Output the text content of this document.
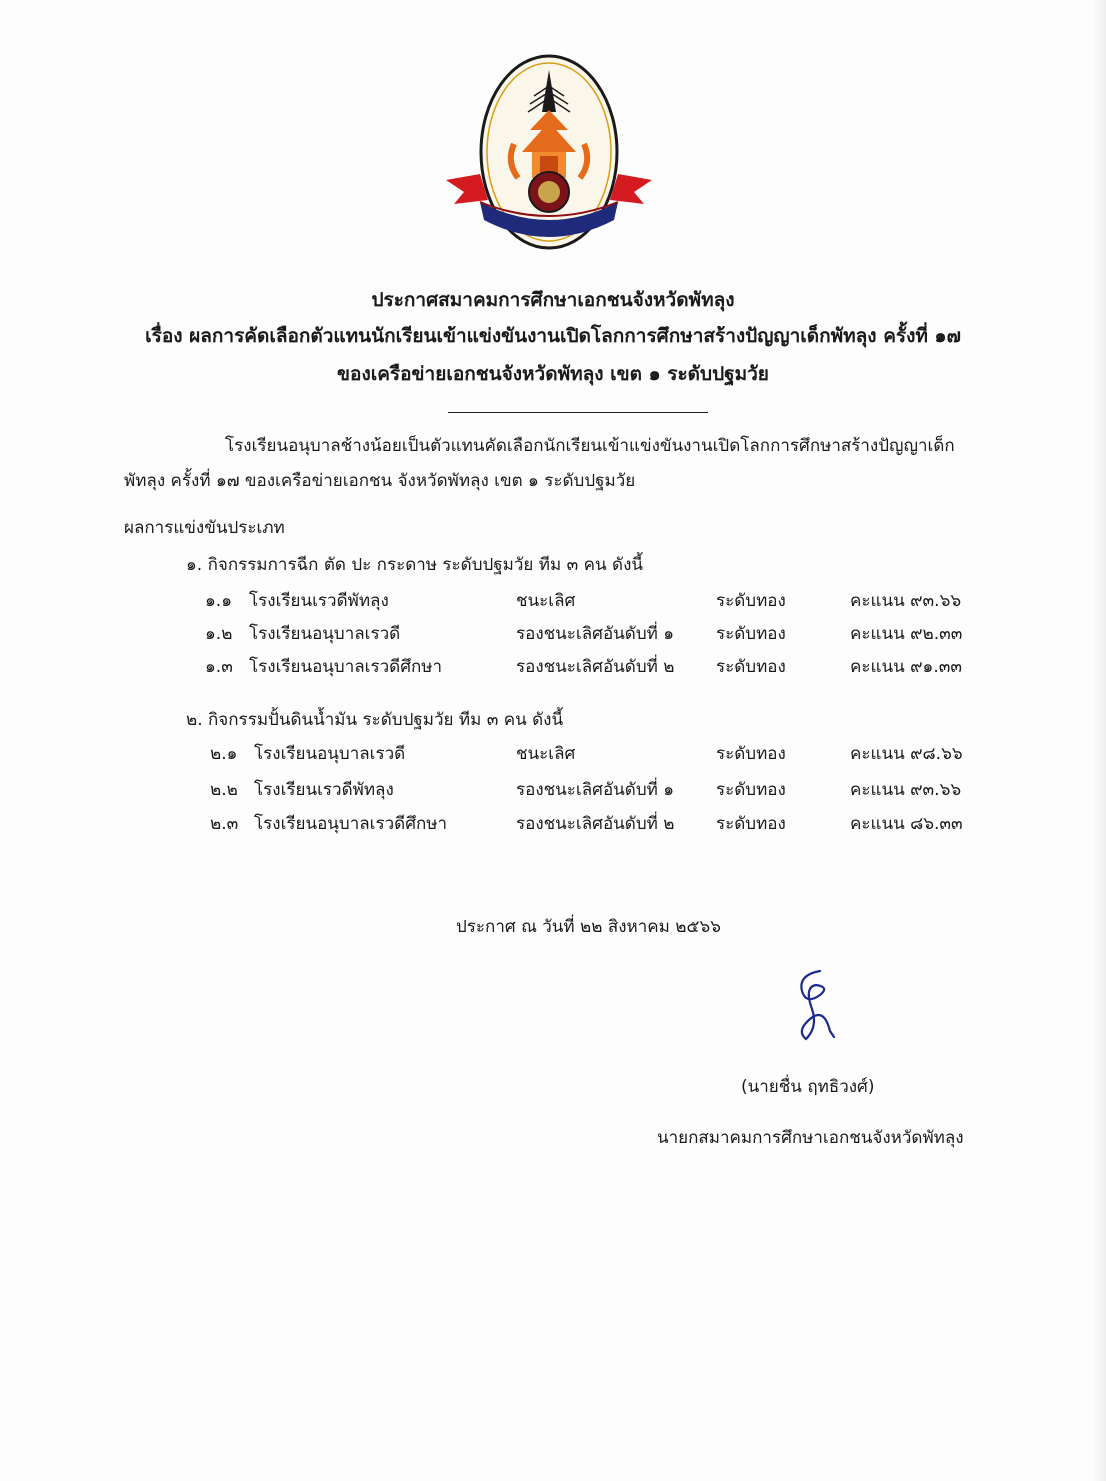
ประกาศสมาคมการศึกษาเอกชนจังหวัดพัทลุง
เรื่อง ผลการคัดเลือกตัวแทนนักเรียนเข้าแข่งขันงานเปิดโลกการศึกษาสร้างปัญญาเด็กพัทลุง ครั้งที่ ๑๗
ของเครือข่ายเอกชนจังหวัดพัทลุง เขต ๑ ระดับปฐมวัย
โรงเรียนอนุบาลช้างน้อยเป็นตัวแทนคัดเลือกนักเรียนเข้าแข่งขันงานเปิดโลกการศึกษาสร้างปัญญาเด็ก
พัทลุง ครั้งที่ ๑๗ ของเครือข่ายเอกชน จังหวัดพัทลุง เขต ๑ ระดับปฐมวัย
ผลการแข่งขันประเภท
๑. กิจกรรมการฉีก ตัด ปะ กระดาษ ระดับปฐมวัย ทีม ๓ คน ดังนี้
๑.๑ โรงเรียนเรวดีพัทลุง	ชนะเลิศ	ระดับทอง	คะแนน ๙๓.๖๖
๑.๒ โรงเรียนอนุบาลเรวดี	รองชนะเลิศอันดับที่ ๑ ระดับทอง	คะแนน ๙๒.๓๓
๑.๓ โรงเรียนอนุบาลเรวดีศึกษา	รองชนะเลิศอันดับที่ ๒ ระดับทอง	คะแนน ๙๑.๓๓
๒. กิจกรรมปั้นดินน้ำมัน ระดับปฐมวัย ทีม ๓ คน ดังนี้
๒.๑ โรงเรียนอนุบาลเรวดี	ชนะเลิศ	ระดับทอง	คะแนน ๙๘.๖๖
๒.๒ โรงเรียนเรวดีพัทลุง	รองชนะเลิศอันดับที่ ๑ ระดับทอง	คะแนน ๙๓.๖๖
๒.๓ โรงเรียนอนุบาลเรวดีศึกษา	รองชนะเลิศอันดับที่ ๒ ระดับทอง	คะแนน ๘๖.๓๓
ประกาศ ณ วันที่ ๒๒ สิงหาคม ๒๕๖๖
(นายชื่น ฤทธิวงศ์)
นายกสมาคมการศึกษาเอกชนจังหวัดพัทลุง
